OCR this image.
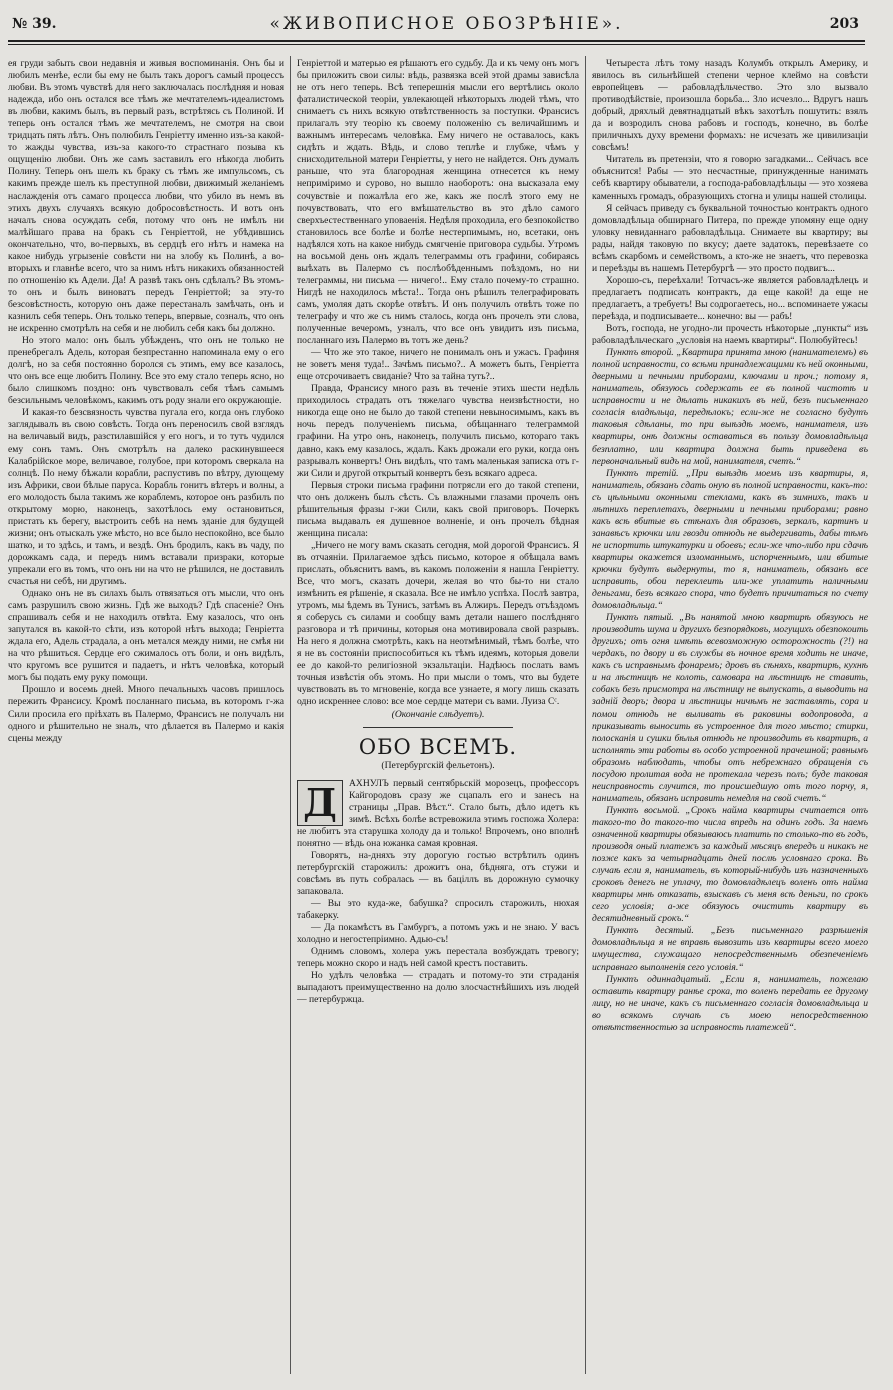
№ 39.	«ЖИВОПИСНОЕ ОБОЗРѢНІЕ».	203

ея груди забыть свои недавнія и живыя воспоминанія. Онъ бы и любилъ менѣе, если бы ему не былъ такъ дорогъ самый процессъ любви. Въ этомъ чувствѣ для него заключалась послѣдняя и новая надежда, ибо онъ остался все тѣмъ же мечтателемъ-идеалистомъ въ любви, какимъ былъ, въ первый разъ, встрѣтясь съ Полиной. И теперь онъ остался тѣмъ же мечтателемъ, не смотря на свои тридцать пять лѣтъ. Онъ полюбилъ Генріетту именно изъ-за какой-то жажды чувства, изъ-за какого-то страстнаго позыва къ ощущенію любви. Онъ же самъ заставилъ его нѣкогда любить Полину. Теперь онъ шелъ къ браку съ тѣмъ же импульсомъ, съ какимъ прежде шелъ къ преступной любви, движимый желаніемъ наслажденія отъ самаго процесса любви, что убило въ немъ въ этихъ двухъ случаяхъ всякую добросовѣстность. И вотъ онъ началъ снова осуждать себя, потому что онъ не имѣлъ ни малѣйшаго права на бракъ съ Генріеттой, не убѣдившись окончательно, что, во-первыхъ, въ сердцѣ его нѣтъ и намека на какое нибудь угрызеніе совѣсти ни на злобу къ Полинѣ, а во-вторыхъ и главнѣе всего, что за нимъ нѣтъ никакихъ обязанностей по отношенію къ Адели. Да! А развѣ такъ онъ сдѣлалъ? Въ этомъ-то онъ и былъ виноватъ передъ Генріеттой; за эту-то безсовѣстность, которую онъ даже перестаналъ замѣчать, онъ и казнилъ себя теперь. Онъ только теперь, впервые, созналъ, что онъ не искренно смотрѣлъ на себя и не любилъ себя какъ бы должно.

Но этого мало: онъ былъ убѣжденъ, что онъ не только не пренебрегалъ Адель, которая безпрестанно напоминала ему о его долгѣ, но за себя постоянно боролся съ этимъ, ему все казалось, что онъ все еще любитъ Полину. Все это ему стало теперь ясно, но было слишкомъ поздно: онъ чувствовалъ себя тѣмъ самымъ безсильнымъ человѣкомъ, какимъ отъ роду знали его окружающіе.

И какая-то безсвязность чувства пугала его, когда онъ глубоко заглядывалъ въ свою совѣсть. Тогда онъ переносилъ свой взглядъ на величавый видъ, разстилавшійся у его ногъ, и то тутъ чудился ему сонъ тамъ. Онъ смотрѣлъ на далеко раскинувшееся Калабрійское море, величавое, голубое, при которомъ сверкала на солнцѣ. По нему бѣжали корабли, распустивъ по вѣтру, дующему изъ Африки, свои бѣлые паруса. Корабль гонитъ вѣтеръ и волны, а его молодость была такимъ же кораблемъ, которое онъ разбилъ по открытому морю, наконецъ, захотѣлось ему остановиться, пристать къ берегу, выстроить себѣ на немъ зданіе для будущей жизни; онъ отыскалъ уже мѣсто, но все было неспокойно, все было шатко, и то здѣсь, и тамъ, и вездѣ. Онъ бродилъ, какъ въ чаду, по дорожкамъ сада, и передъ нимъ вставали призраки, которые упрекали его въ томъ, что онъ ни на что не рѣшился, не доставилъ счастья ни себѣ, ни другимъ.

Однако онъ не въ силахъ былъ отвязаться отъ мысли, что онъ самъ разрушилъ свою жизнь. Гдѣ же выходъ? Гдѣ спасеніе? Онъ спрашивалъ себя и не находилъ отвѣта. Ему казалось, что онъ запутался въ какой-то сѣти, изъ которой нѣтъ выхода; Генріетта ждала его, Адель страдала, а онъ метался между ними, не смѣя ни на что рѣшиться. Сердце его сжималось отъ боли, и онъ видѣлъ, что кругомъ все рушится и падаетъ, и нѣтъ человѣка, который могъ бы подать ему руку помощи.

Прошло и восемь дней. Много печальныхъ часовъ пришлось пережить Франсису. Кромѣ посланнаго письма, въ которомъ г-жа Сили просила его пріѣхать въ Палермо, Франсисъ не получалъ ни одного и рѣшительно не зналъ, что дѣлается въ Палермо и какія сцены между

Генріеттой и матерью ея рѣшаютъ его судьбу. Да и къ чему онъ могъ бы приложить свои силы: вѣдь, развязка всей этой драмы зависѣла не отъ него теперь. Всѣ теперешнія мысли его вертѣлись около фаталистической теоріи, увлекающей нѣкоторыхъ людей тѣмъ, что снимаетъ съ нихъ всякую отвѣтственность за поступки. Франсисъ прилагалъ эту теорію къ своему положенію съ величайшимъ и важнымъ интересамъ человѣка. Ему ничего не оставалось, какъ сидѣть и ждать. Вѣдь, и слово теплѣе и глубже, чѣмъ у снисходительной матери Генріетты, у него не найдется. Онъ думалъ раньше, что эта благородная женщина отнесется къ нему неприміримо и сурово, но вышло наоборотъ: она высказала ему сочувствіе и пожалѣла его же, какъ же послѣ этого ему не почувствовать, что его вмѣшательство въ это дѣло самого сверхъестественнаго уповаенія. Недѣля проходила, его безпокойство становилось все болѣе и болѣе нестерпимымъ, но, всетаки, онъ надѣялся хоть на какое нибудь смягченіе приговора судьбы. Утромъ на восьмой день онъ ждалъ телеграммы отъ графини, собираясь выѣхать въ Палермо съ послѣобѣденнымъ поѣздомъ, но ни телеграммы, ни письма — ничего!.. Ему стало почему-то страшно. Нигдѣ не находилось мѣста!.. Тогда онъ рѣшилъ телеграфировать самъ, умоляя дать скорѣе отвѣтъ. И онъ получилъ отвѣтъ тоже по телеграфу и что же съ нимъ сталось, когда онъ прочелъ эти слова, полученные вечеромъ, узналъ, что все онъ увидитъ изъ письма, посланнаго изъ Палермо въ тотъ же день?

— Что же это такое, ничего не понималъ онъ и ужасъ. Графиня не зоветъ меня туда!.. Зачѣмъ письмо?.. А можетъ быть, Генріетта еще отсрочиваетъ свиданіе? Что за тайна тутъ?..

Правда, Франсису много разъ въ теченіе этихъ шести недѣль приходилось страдать отъ тяжелаго чувства неизвѣстности, но никогда еще оно не было до такой степени невыносимымъ, какъ въ ночь передъ полученіемъ письма, обѣщаннаго телеграммой графини. На утро онъ, наконецъ, получилъ письмо, котораго такъ давно, какъ ему казалось, ждалъ. Какъ дрожали его руки, когда онъ разрывалъ конвертъ! Онъ видѣлъ, что тамъ маленькая записка отъ г-жи Сили и другой открытый конвертъ безъ всякаго адреса.

Первыя строки письма графини потрясли его до такой степени, что онъ долженъ былъ сѣсть. Съ влажными глазами прочелъ онъ рѣшительныя фразы г-жи Сили, какъ свой приговоръ. Почеркъ письма выдавалъ ея душевное волненіе, и онъ прочелъ бѣдная женщина писала:

„Ничего не могу вамъ сказать сегодня, мой дорогой Франсисъ. Я въ отчаяніи. Прилагаемое здѣсь письмо, которое я обѣщала вамъ прислать, объяснитъ вамъ, въ какомъ положеніи я нашла Генріетту. Все, что могъ, сказать дочери, желая во что бы-то ни стало измѣнить ея рѣшеніе, я сказала. Все не имѣло успѣха. Послѣ завтра, утромъ, мы ѣдемъ въ Тунисъ, затѣмъ въ Алжиръ. Передъ отъѣздомъ я соберусь съ силами и сообщу вамъ детали нашего послѣдняго разговора и тѣ причины, которыя она мотивировала свой разрывъ. На него я должна смотрѣть, какъ на неотмѣнимый, тѣмъ болѣе, что я не въ состояніи приспособиться къ тѣмъ идеямъ, которыя довели ее до какой-то религіозной экзальтаціи. Надѣюсь послать вамъ точныя извѣстія объ этомъ. Но при мысли о томъ, что вы будете чувствовать въ то мгновеніе, когда все узнаете, я могу лишь сказать одно искреннее слово: все мое сердце матери съ вами. Луиза Сᶜ.

(Окончаніе слѣдуетъ).

ОБО ВСЕМЪ.
(Петербургскій фельетонъ).
Д	АХНУЛЪ первый сентябрьскій морозецъ, профессоръ Кайгородовъ сразу же сцапалъ его и занесъ на страницы „Прав. Вѣст.“. Стало быть, дѣло идетъ къ зимѣ. Всѣхъ болѣе встревожила этимъ госпожа Холера: не любитъ эта старушка холоду да и только! Впрочемъ, оно вполнѣ понятно — вѣдь она южанка самая кровная.

Говорятъ, на-дняхъ эту дорогую гостью встрѣтилъ одинъ петербургскій старожилъ: дрожитъ она, бѣдняга, отъ стужи и совсѣмъ въ путь собралась — въ баціллъ въ дорожную сумочку запаковала.

— Вы это куда-же, бабушка? спросилъ старожилъ, нюхая табакерку.

— Да покамѣстъ въ Гамбургъ, а потомъ ужъ и не знаю. У васъ холодно и негостепріимно. Адью-съ!

Однимъ словомъ, холера ужъ перестала возбуждать тревогу; теперь можно скоро и надъ ней самой крестъ поставить.

Но удѣлъ человѣка — страдать и потому-то эти страданія выпадаютъ преимущественно на долю злосчастнѣйшихъ изъ людей — петербуржца.

Четыреста лѣтъ тому назадъ Колумбъ открылъ Америку, и явилось въ сильнѣйшей степени черное клеймо на совѣсти европейцевъ — рабовладѣльчество. Это зло вызвало противодѣйствіе, произошла борьба... Зло исчезло... Вдругъ нашъ добрый, дряхлый девятнадцатый вѣкъ захотѣлъ пошутить: взялъ да и возродилъ снова рабовъ и господъ, конечно, въ болѣе приличныхъ духу времени формахъ: не исчезать же цивилизаціи совсѣмъ!

Читатель въ претензіи, что я говорю загадками... Сейчасъ все объяснится! Рабы — это несчастные, принужденные нанимать себѣ квартиру обыватели, а господа-рабовладѣльцы — это хозяева каменныхъ громадъ, образующихъ стогна и улицы нашей столицы.

Я сейчасъ приведу съ буквальной точностью контрактъ одного домовладѣльца обширнаго Питера, по прежде упомяну еще одну уловку невиданнаго рабовладѣльца. Снимаете вы квартиру; вы рады, найдя таковую по вкусу; даете задатокъ, перевѣзаете со всѣмъ скарбомъ и семействомъ, а кто-же не знаетъ, что перевозка и переѣзды въ нашемъ Петербургѣ — это просто подвигъ...

Хорошо-съ, переѣхали! Тотчасъ-же является рабовладѣлецъ и предлагаетъ подписать контрактъ, да еще какой! да еще не предлагаетъ, а требуетъ! Вы содрогаетесь, но... вспоминаете ужасы переѣзда, и подписываете... конечно: вы — рабъ!

Вотъ, господа, не угодно-ли прочесть нѣкоторые „пункты“ изъ рабовладѣльческаго „условія на наемъ квартиры“. Полюбуйтесь!

Пунктъ второй. „Квартира принята мною (нанимателемъ) въ полной исправности, со всѣми принадлежащими къ ней оконными, дверными и печными приборами, ключами и проч.; потому я, наниматель, обязуюсь содержать ее въ полной чистотѣ и исправности и не дѣлать никакихъ въ ней, безъ письменнаго согласія владѣльца, передѣлокъ; если-же не согласно будутъ таковыя сдѣланы, то при выѣздѣ моемъ, нанимателя, изъ квартиры, онѣ должны оставаться въ пользу домовладѣльца безплатно, или квартира должна быть приведена въ первоначальный видъ на мой, нанимателя, счетъ.“

Пунктъ третій. „При выѣздѣ моемъ изъ квартиры, я, наниматель, обязанъ сдать оную въ полной исправности, какъ-то: съ цѣльными оконными стеклами, какъ въ зимнихъ, такъ и лѣтнихъ переплетахъ, дверными и печными приборами; равно какъ всѣ вбитые въ стѣнахъ для образовъ, зеркалъ, картинъ и занавѣсъ крючки или гвозди отнюдь не выдергивать, дабы тѣмъ не испортить штукатурки и обоевъ; если-же что-либо при сдачѣ квартиры окажется изломаннымъ, испорченнымъ, или вбитые крючки будутъ выдернуты, то я, наниматель, обязанъ все исправить, обои переклеить или-же уплатить наличными деньгами, безъ всякаго спора, что будетъ причитаться по счету домовладѣльца.“

Пунктъ пятый. „Въ нанятой мною квартирѣ обязуюсь не производить шума и другихъ безпорядковъ, могущихъ обезпокоить другихъ; отъ огня имѣть всевозможную осторожность (?!) на чердакъ, по двору и въ службы въ ночное время ходить не иначе, какъ съ исправнымъ фонаремъ; дровъ въ сѣняхъ, квартирѣ, кухнѣ и на лѣстницѣ не колоть, самовара на лѣстницѣ не ставить, собакъ безъ присмотра на лѣстницу не выпускать, а выводить на задній дворъ; двора и лѣстницы ничѣмъ не заставлять, сора и помои отнюдь не выливать въ раковины водопровода, а приказывать выносить въ устроенное для того мѣсто; стирки, полосканія и сушки бѣлья отнюдь не производить въ квартирѣ, а исполнять эти работы въ особо устроенной прачешной; равнымъ образомъ наблюдать, чтобы отъ небрежнаго обращенія съ посудою пролитая вода не протекала черезъ полъ; буде таковая неисправность случится, то происшедшую отъ того порчу, я, наниматель, обязанъ исправить немедля на свой счетъ.“

Пунктъ восьмой. „Срокъ найма квартиры считается отъ такого-то до такого-то числа впредь на одинъ годъ. За наемъ означенной квартиры обязываюсь платить по столько-то въ годъ, производя оный платежъ за каждый мѣсяцъ впередъ и никакъ не позже какъ за четырнадцать дней послѣ условнаго срока. Въ случаѣ если я, наниматель, въ который-нибудь изъ назначенныхъ сроковъ денегъ не уплачу, то домовладѣлецъ воленъ отъ найма квартиры мнѣ отказать, взыскавъ съ меня всѣ деньги, по срокъ сего условія; а-же обязуюсь очистить квартиру въ десятидневный срокъ.“

Пунктъ десятый. „Безъ письменнаго разрѣшенія домовладѣльца я не вправѣ вывозить изъ квартиры всего моего имущества, служащаго непосредственнымъ обезпеченіемъ исправнаго выполненія сего условія.“

Пунктъ одиннадцатый. „Если я, наниматель, пожелаю оставить квартиру ранѣе срока, то воленъ передать ее другому лицу, но не иначе, какъ съ письменнаго согласія домовладѣльца и во всякомъ случаѣ съ моею непосредственною отвѣтственностью за исправность платежей“.
